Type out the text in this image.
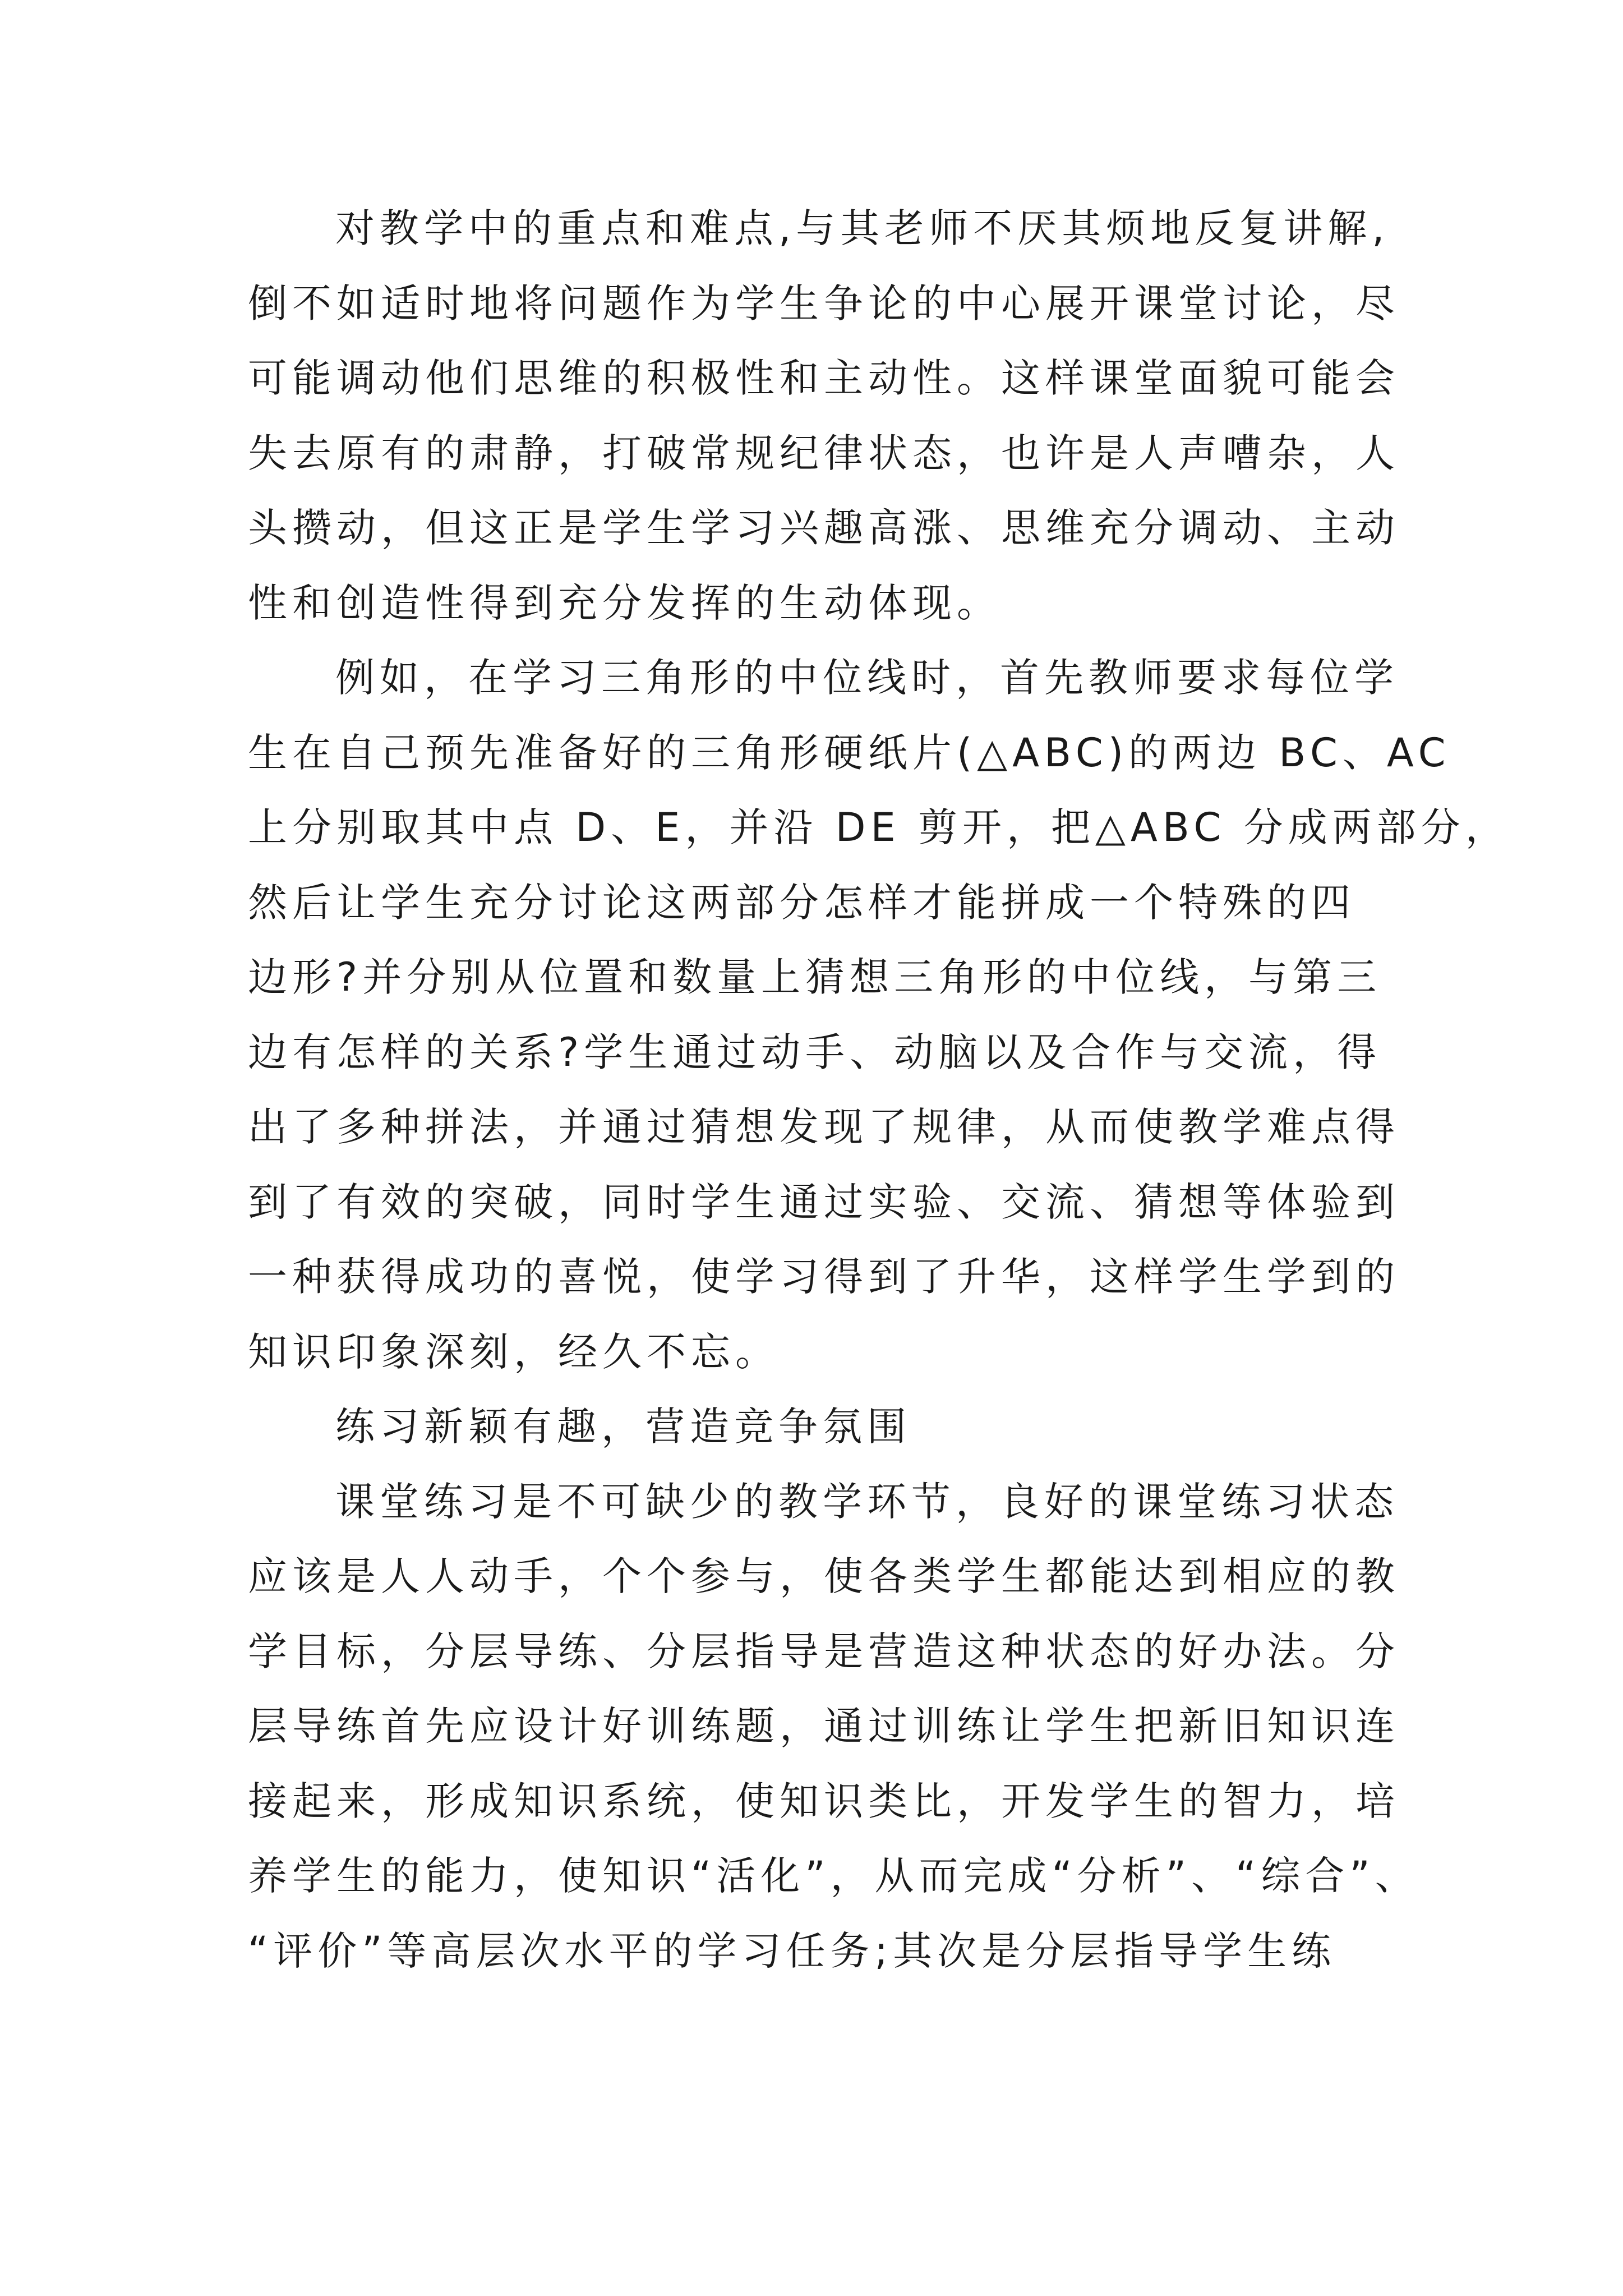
对教学中的重点和难点,与其老师不厌其烦地反复讲解,
倒不如适时地将问题作为学生争论的中心展开课堂讨论，尽
可能调动他们思维的积极性和主动性。这样课堂面貌可能会
失去原有的肃静，打破常规纪律状态，也许是人声嘈杂，人
头攒动，但这正是学生学习兴趣高涨、思维充分调动、主动
性和创造性得到充分发挥的生动体现。
例如，在学习三角形的中位线时，首先教师要求每位学
生在自己预先准备好的三角形硬纸片(△ABC)的两边 BC、AC
上分别取其中点 D、E，并沿 DE 剪开，把△ABC 分成两部分，
然后让学生充分讨论这两部分怎样才能拼成一个特殊的四
边形?并分别从位置和数量上猜想三角形的中位线，与第三
边有怎样的关系?学生通过动手、动脑以及合作与交流，得
出了多种拼法，并通过猜想发现了规律，从而使教学难点得
到了有效的突破，同时学生通过实验、交流、猜想等体验到
一种获得成功的喜悦，使学习得到了升华，这样学生学到的
知识印象深刻，经久不忘。
练习新颖有趣，营造竞争氛围
课堂练习是不可缺少的教学环节，良好的课堂练习状态
应该是人人动手，个个参与，使各类学生都能达到相应的教
学目标，分层导练、分层指导是营造这种状态的好办法。分
层导练首先应设计好训练题，通过训练让学生把新旧知识连
接起来，形成知识系统，使知识类比，开发学生的智力，培
养学生的能力，使知识“活化”，从而完成“分析”、“综合”、
“评价”等高层次水平的学习任务;其次是分层指导学生练
